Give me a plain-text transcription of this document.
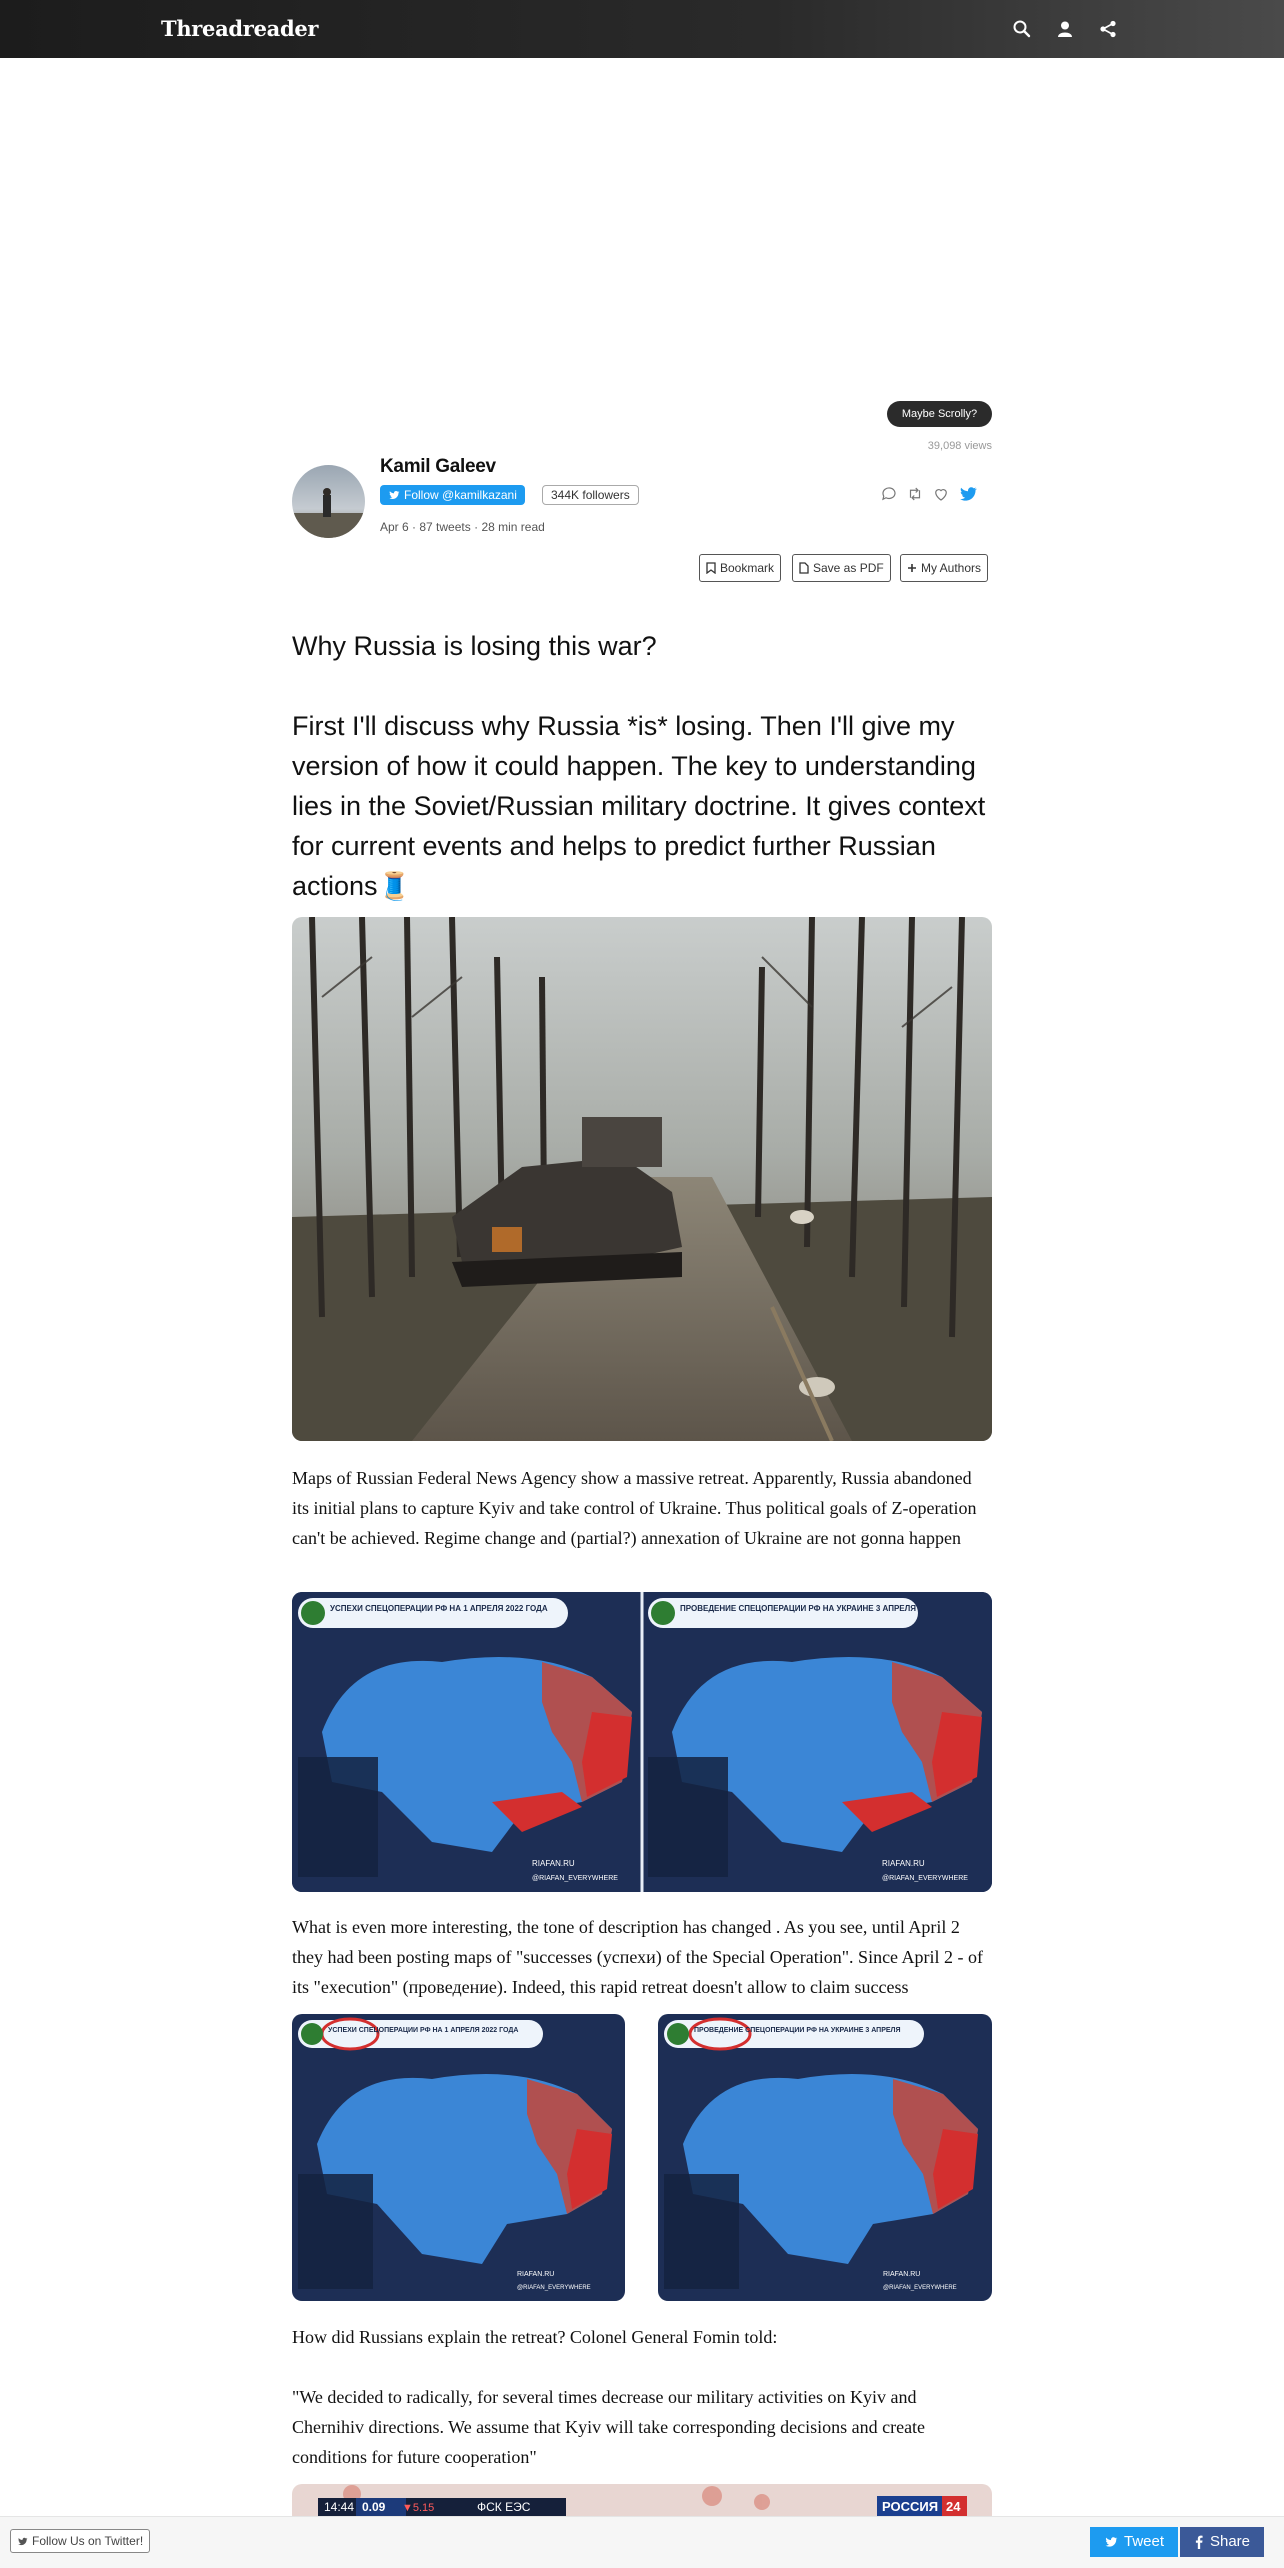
Threadreader
Maybe Scrolly?
39,098 views
Kamil Galeev
Follow @kamilkazani	344K followers
Apr 6 · 87 tweets · 28 min read
Bookmark	Save as PDF	My Authors
Why Russia is losing this war?
First I'll discuss why Russia *is* losing. Then I'll give my version of how it could happen. The key to understanding lies in the Soviet/Russian military doctrine. It gives context for current events and helps to predict further Russian actions🧵
Maps of Russian Federal News Agency show a massive retreat. Apparently, Russia abandoned its initial plans to capture Kyiv and take control of Ukraine. Thus political goals of Z-operation can't be achieved. Regime change and (partial?) annexation of Ukraine are not gonna happen
RIAFAN.RU
@RIAFAN_EVERYWHERE
УСПЕХИ СПЕЦОПЕРАЦИИ РФ НА 1 АПРЕЛЯ 2022 ГОДА
RIAFAN.RU
@RIAFAN_EVERYWHERE
ПРОВЕДЕНИЕ СПЕЦОПЕРАЦИИ РФ НА УКРАИНЕ 3 АПРЕЛЯ
What is even more interesting, the tone of description has changed . As you see, until April 2 they had been posting maps of "successes (успехи) of the Special Operation". Since April 2 - of its "execution" (проведение). Indeed, this rapid retreat doesn't allow to claim success
УСПЕХИ СПЕЦОПЕРАЦИИ РФ НА 1 АПРЕЛЯ 2022 ГОДА
RIAFAN.RU
@RIAFAN_EVERYWHERE
ПРОВЕДЕНИЕ СПЕЦОПЕРАЦИИ РФ НА УКРАИНЕ 3 АПРЕЛЯ
RIAFAN.RU
@RIAFAN_EVERYWHERE
How did Russians explain the retreat? Colonel General Fomin told:
"We decided to radically, for several times decrease our military activities on Kyiv and Chernihiv directions. We assume that Kyiv will take corresponding decisions and create conditions for future cooperation"
14:44 0.09 ▼5.15	ФСК ЕЭС	РОССИЯ 24
Follow Us on Twitter!	Tweet	Share
